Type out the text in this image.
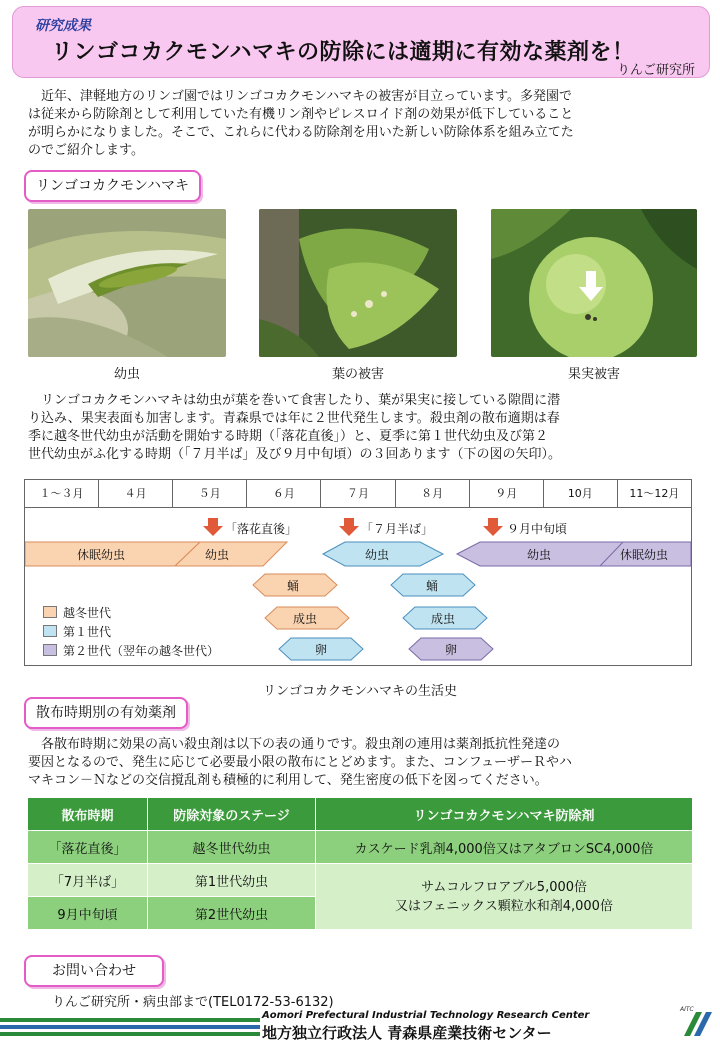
研究成果
リンゴコカクモンハマキの防除には適期に有効な薬剤を！
りんご研究所
　近年、津軽地方のリンゴ園ではリンゴコカクモンハマキの被害が目立っています。多発園で
は従来から防除剤として利用していた有機リン剤やピレスロイド剤の効果が低下していること
が明らかになりました。そこで、これらに代わる防除剤を用いた新しい防除体系を組み立てた
のでご紹介します。
リンゴコカクモンハマキ
幼虫	葉の被害	果実被害
　リンゴコカクモンハマキは幼虫が葉を巻いて食害したり、葉が果実に接している隙間に潜
り込み、果実表面も加害します。青森県では年に２世代発生します。殺虫剤の散布適期は春
季に越冬世代幼虫が活動を開始する時期（「落花直後」）と、夏季に第１世代幼虫及び第２
世代幼虫がふ化する時期（「７月半ば」及び９月中旬頃）の３回あります（下の図の矢印）。
１～３月	４月	５月	６月	７月	８月	９月	10月	11～12月
「落花直後」	「７月半ば」	９月中旬頃
休眠幼虫	幼虫	幼虫	幼虫	休眠幼虫
蛹	蛹
成虫	成虫
卵	卵
越冬世代
第１世代
第２世代（翌年の越冬世代）
リンゴコカクモンハマキの生活史
散布時期別の有効薬剤
　各散布時期に効果の高い殺虫剤は以下の表の通りです。殺虫剤の連用は薬剤抵抗性発達の
要因となるので、発生に応じて必要最小限の散布にとどめます。また、コンフューザーＲやハ
マキコン－Ｎなどの交信撹乱剤も積極的に利用して、発生密度の低下を図ってください。
散布時期	防除対象のステージ	リンゴコカクモンハマキ防除剤
「落花直後」	越冬世代幼虫	カスケード乳剤4,000倍又はアタブロンSC4,000倍
「7月半ば」	第1世代幼虫	サムコルフロアブル5,000倍
又はフェニックス顆粒水和剤4,000倍

9月中旬頃	第2世代幼虫	
お問い合わせ
りんご研究所・病虫部まで(TEL0172-53-6132)
Aomori Prefectural Industrial Technology Research Center
地方独立行政法人 青森県産業技術センター
AITC
